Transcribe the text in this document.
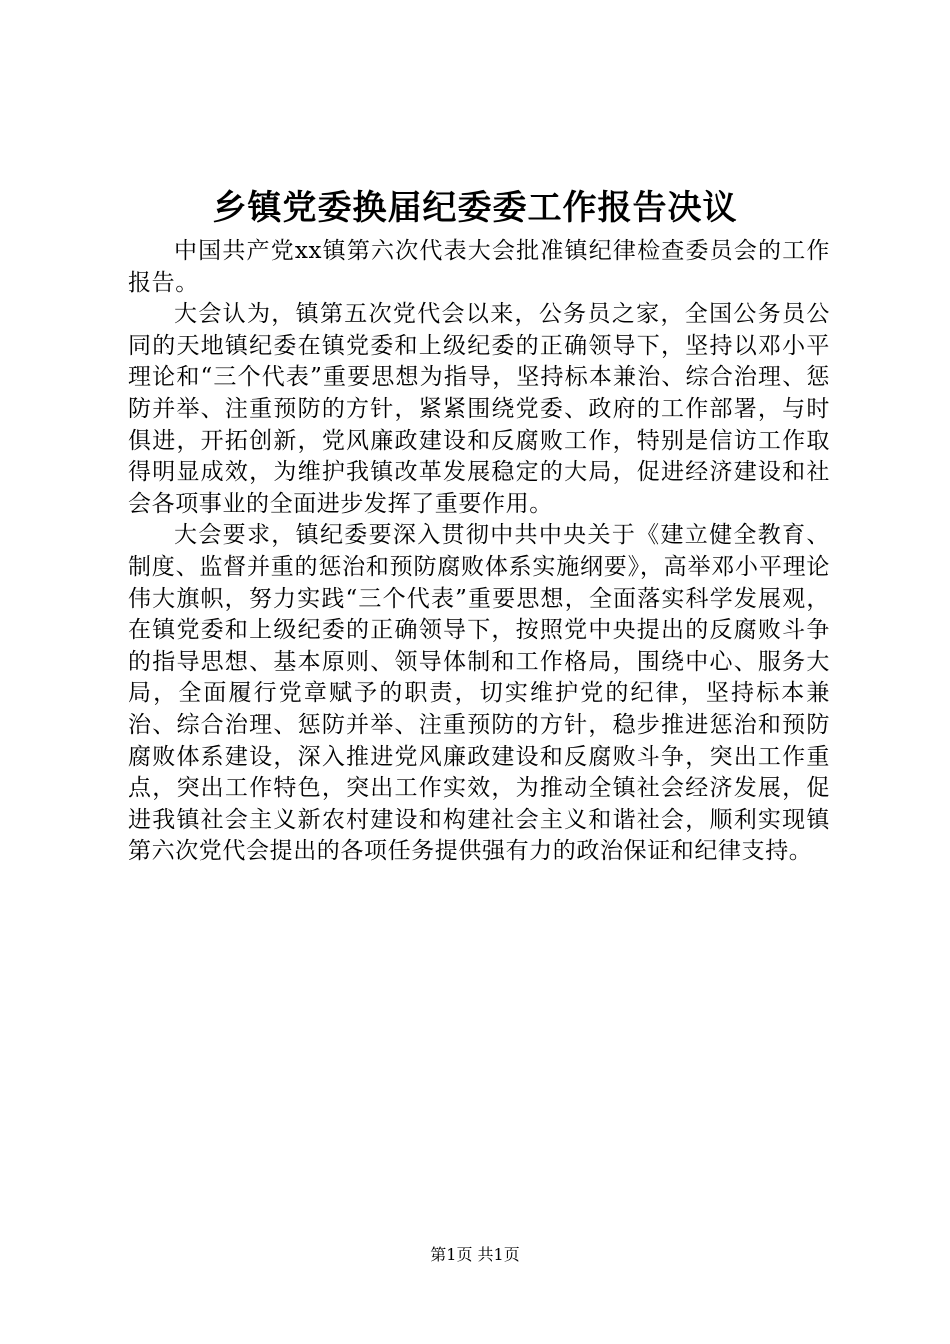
乡镇党委换届纪委委工作报告决议

中国共产党xx镇第六次代表大会批准镇纪律检查委员会的工作报告。

大会认为，镇第五次党代会以来，公务员之家，全国公务员公同的天地镇纪委在镇党委和上级纪委的正确领导下，坚持以邓小平理论和“三个代表”重要思想为指导，坚持标本兼治、综合治理、惩防并举、注重预防的方针，紧紧围绕党委、政府的工作部署，与时俱进，开拓创新，党风廉政建设和反腐败工作，特别是信访工作取得明显成效，为维护我镇改革发展稳定的大局，促进经济建设和社会各项事业的全面进步发挥了重要作用。

大会要求，镇纪委要深入贯彻中共中央关于《建立健全教育、制度、监督并重的惩治和预防腐败体系实施纲要》，高举邓小平理论伟大旗帜，努力实践“三个代表”重要思想，全面落实科学发展观，在镇党委和上级纪委的正确领导下，按照党中央提出的反腐败斗争的指导思想、基本原则、领导体制和工作格局，围绕中心、服务大局，全面履行党章赋予的职责，切实维护党的纪律，坚持标本兼治、综合治理、惩防并举、注重预防的方针，稳步推进惩治和预防腐败体系建设，深入推进党风廉政建设和反腐败斗争，突出工作重点，突出工作特色，突出工作实效，为推动全镇社会经济发展，促进我镇社会主义新农村建设和构建社会主义和谐社会，顺利实现镇第六次党代会提出的各项任务提供强有力的政治保证和纪律支持。

第1页 共1页
